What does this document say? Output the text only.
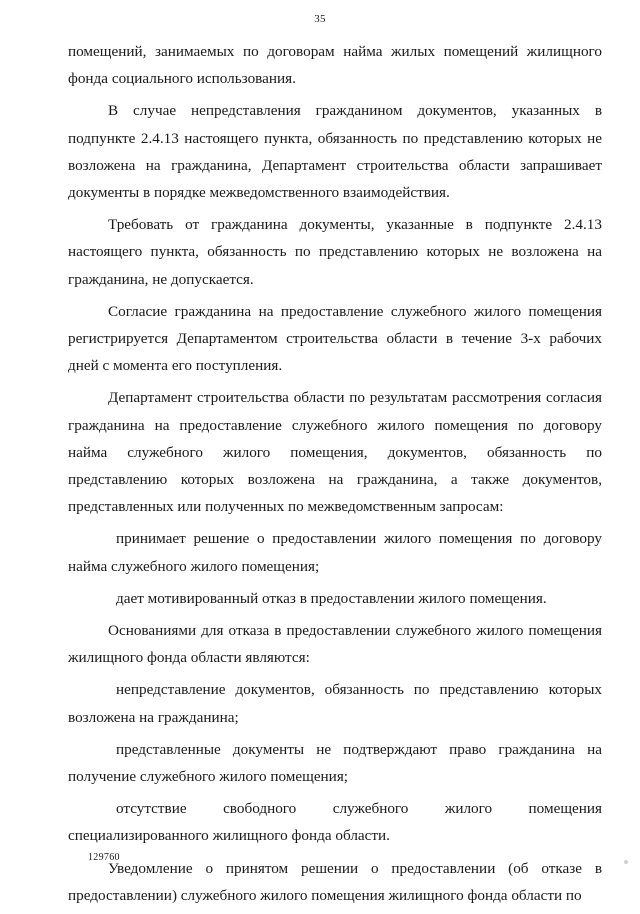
35

помещений, занимаемых по договорам найма жилых помещений жилищного фонда социального использования.

В случае непредставления гражданином документов, указанных в подпункте 2.4.13 настоящего пункта, обязанность по представлению которых не возложена на гражданина, Департамент строительства области запрашивает документы в порядке межведомственного взаимодействия.

Требовать от гражданина документы, указанные в подпункте 2.4.13 настоящего пункта, обязанность по представлению которых не возложена на гражданина, не допускается.

Согласие гражданина на предоставление служебного жилого помещения регистрируется Департаментом строительства области в течение 3-х рабочих дней с момента его поступления.

Департамент строительства области по результатам рассмотрения согласия гражданина на предоставление служебного жилого помещения по договору найма служебного жилого помещения, документов, обязанность по представлению которых возложена на гражданина, а также документов, представленных или полученных по межведомственным запросам:

принимает решение о предоставлении жилого помещения по договору найма служебного жилого помещения;

дает мотивированный отказ в предоставлении жилого помещения.

Основаниями для отказа в предоставлении служебного жилого помещения жилищного фонда области являются:

непредставление документов, обязанность по представлению которых возложена на гражданина;

представленные документы не подтверждают право гражданина на получение служебного жилого помещения;

отсутствие свободного служебного жилого помещения специализированного жилищного фонда области.

Уведомление о принятом решении о предоставлении (об отказе в предоставлении) служебного жилого помещения жилищного фонда области по

129760
